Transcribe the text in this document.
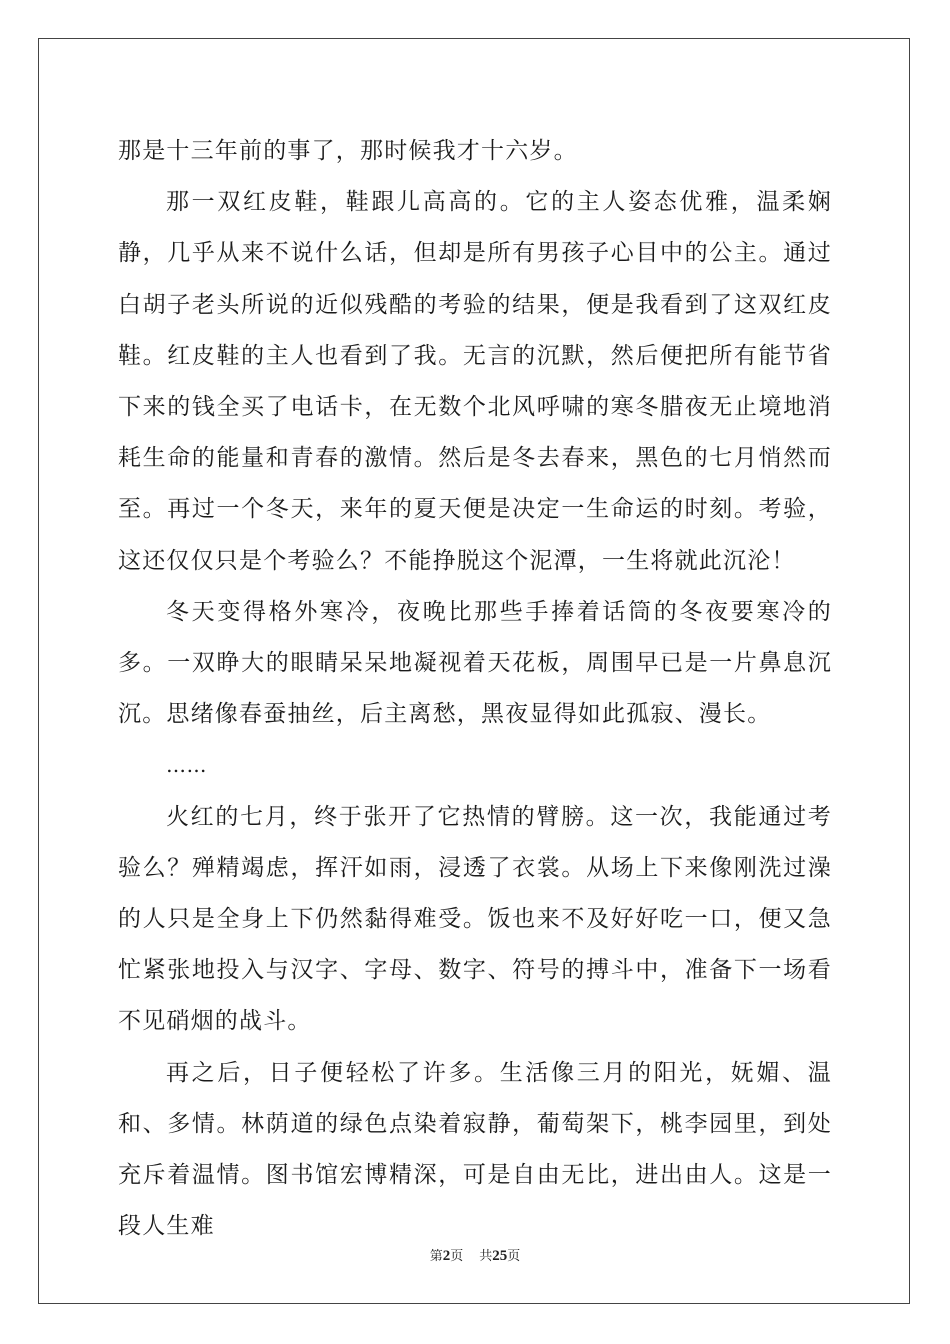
那是十三年前的事了，那时候我才十六岁。

那一双红皮鞋，鞋跟儿高高的。它的主人姿态优雅，温柔娴静，几乎从来不说什么话，但却是所有男孩子心目中的公主。通过白胡子老头所说的近似残酷的考验的结果，便是我看到了这双红皮鞋。红皮鞋的主人也看到了我。无言的沉默，然后便把所有能节省下来的钱全买了电话卡，在无数个北风呼啸的寒冬腊夜无止境地消耗生命的能量和青春的激情。然后是冬去春来，黑色的七月悄然而至。再过一个冬天，来年的夏天便是决定一生命运的时刻。考验，这还仅仅只是个考验么？不能挣脱这个泥潭，一生将就此沉沦！

冬天变得格外寒冷，夜晚比那些手捧着话筒的冬夜要寒冷的多。一双睁大的眼睛呆呆地凝视着天花板，周围早已是一片鼻息沉沉。思绪像春蚕抽丝，后主离愁，黑夜显得如此孤寂、漫长。

……

火红的七月，终于张开了它热情的臂膀。这一次，我能通过考验么？殚精竭虑，挥汗如雨，浸透了衣裳。从场上下来像刚洗过澡的人只是全身上下仍然黏得难受。饭也来不及好好吃一口，便又急忙紧张地投入与汉字、字母、数字、符号的搏斗中，准备下一场看不见硝烟的战斗。

再之后，日子便轻松了许多。生活像三月的阳光，妩媚、温和、多情。林荫道的绿色点染着寂静，葡萄架下，桃李园里，到处充斥着温情。图书馆宏博精深，可是自由无比，进出由人。这是一段人生难

第2页 共25页
